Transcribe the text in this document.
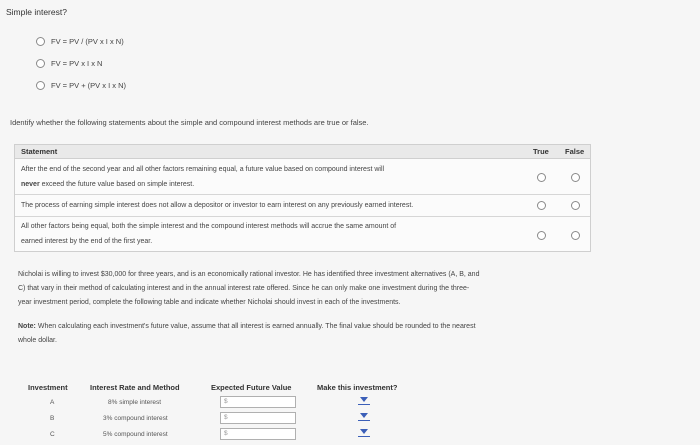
Simple interest?
FV = PV / (PV x I x N)
FV = PV x I x N
FV = PV + (PV x I x N)
Identify whether the following statements about the simple and compound interest methods are true or false.
Statement	True False
After the end of the second year and all other factors remaining equal, a future value based on compound interest will
never exceed the future value based on simple interest.
The process of earning simple interest does not allow a depositor or investor to earn interest on any previously earned interest.
All other factors being equal, both the simple interest and the compound interest methods will accrue the same amount of
earned interest by the end of the first year.
Nicholai is willing to invest $30,000 for three years, and is an economically rational investor. He has identified three investment alternatives (A, B, and
C) that vary in their method of calculating interest and in the annual interest rate offered. Since he can only make one investment during the three-
year investment period, complete the following table and indicate whether Nicholai should invest in each of the investments.
Note: When calculating each investment's future value, assume that all interest is earned annually. The final value should be rounded to the nearest
whole dollar.
Investment	Interest Rate and Method	Expected Future Value	Make this investment?
A	8% simple interest	$
B	3% compound interest	$
C	5% compound interest	$
